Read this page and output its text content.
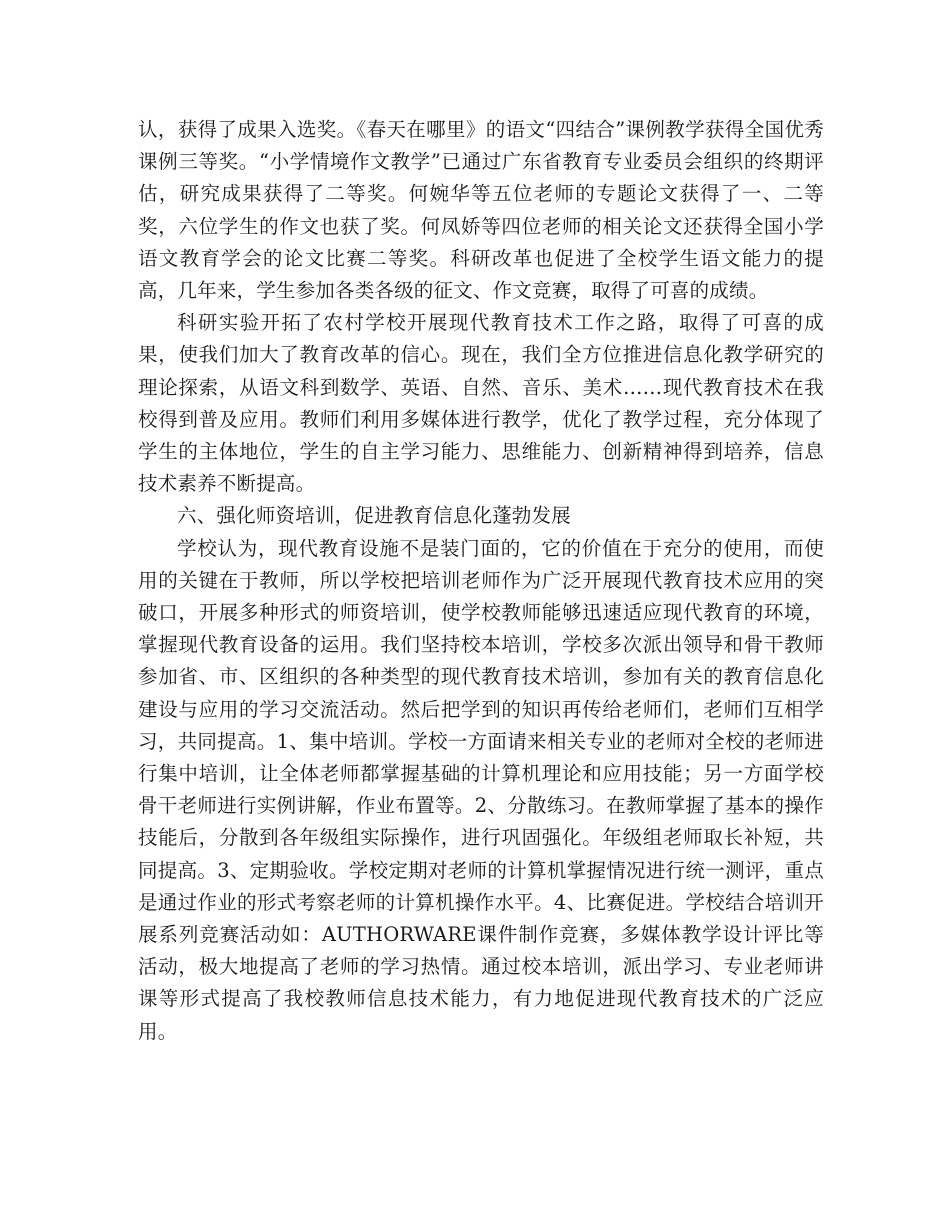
认，获得了成果入选奖。《春天在哪里》的语文“四结合”课例教学获得全国优秀课例三等奖。“小学情境作文教学”已通过广东省教育专业委员会组织的终期评估，研究成果获得了二等奖。何婉华等五位老师的专题论文获得了一、二等奖，六位学生的作文也获了奖。何凤娇等四位老师的相关论文还获得全国小学语文教育学会的论文比赛二等奖。科研改革也促进了全校学生语文能力的提高，几年来，学生参加各类各级的征文、作文竞赛，取得了可喜的成绩。

科研实验开拓了农村学校开展现代教育技术工作之路，取得了可喜的成果，使我们加大了教育改革的信心。现在，我们全方位推进信息化教学研究的理论探索，从语文科到数学、英语、自然、音乐、美术……现代教育技术在我校得到普及应用。教师们利用多媒体进行教学，优化了教学过程，充分体现了学生的主体地位，学生的自主学习能力、思维能力、创新精神得到培养，信息技术素养不断提高。

六、强化师资培训，促进教育信息化蓬勃发展

学校认为，现代教育设施不是装门面的，它的价值在于充分的使用，而使用的关键在于教师，所以学校把培训老师作为广泛开展现代教育技术应用的突破口，开展多种形式的师资培训，使学校教师能够迅速适应现代教育的环境，掌握现代教育设备的运用。我们坚持校本培训，学校多次派出领导和骨干教师参加省、市、区组织的各种类型的现代教育技术培训，参加有关的教育信息化建设与应用的学习交流活动。然后把学到的知识再传给老师们，老师们互相学习，共同提高。1、集中培训。学校一方面请来相关专业的老师对全校的老师进行集中培训，让全体老师都掌握基础的计算机理论和应用技能；另一方面学校骨干老师进行实例讲解，作业布置等。2、分散练习。在教师掌握了基本的操作技能后，分散到各年级组实际操作，进行巩固强化。年级组老师取长补短，共同提高。3、定期验收。学校定期对老师的计算机掌握情况进行统一测评，重点是通过作业的形式考察老师的计算机操作水平。4、比赛促进。学校结合培训开展系列竞赛活动如：AUTHORWARE课件制作竞赛，多媒体教学设计评比等活动，极大地提高了老师的学习热情。通过校本培训，派出学习、专业老师讲课等形式提高了我校教师信息技术能力，有力地促进现代教育技术的广泛应用。
